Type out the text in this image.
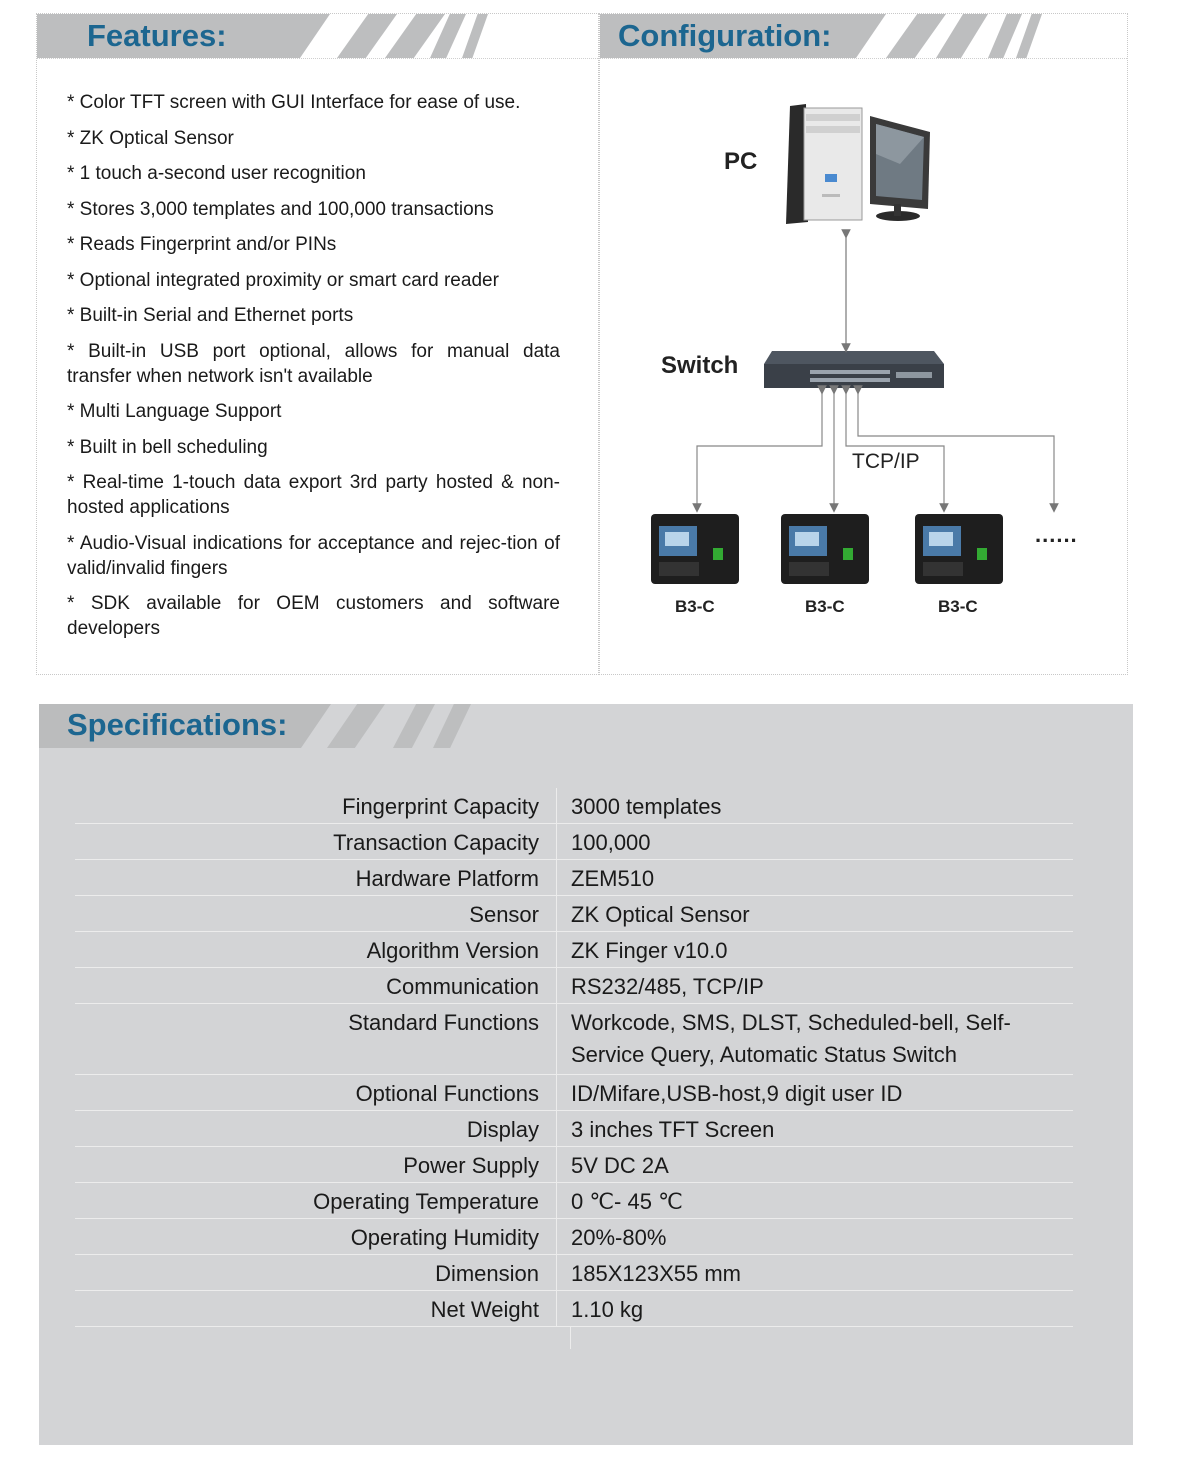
Features:
* Color TFT screen with GUI Interface for ease of use.
* ZK Optical Sensor
* 1 touch a-second user recognition
* Stores 3,000 templates and 100,000 transactions
* Reads Fingerprint and/or PINs
* Optional integrated proximity or smart card reader
* Built-in Serial and Ethernet ports
* Built-in USB port optional, allows for manual data transfer when network isn't available
* Multi Language Support
* Built in bell scheduling
* Real-time 1-touch data export 3rd party hosted & non-hosted applications
* Audio-Visual indications for acceptance and rejec-tion of valid/invalid fingers
* SDK available for OEM customers and software developers
Configuration:
PC
Switch
TCP/IP
B3-C	B3-C	B3-C
......
Specifications:
Fingerprint Capacity	3000 templates
Transaction Capacity	100,000
Hardware Platform	ZEM510
Sensor	ZK Optical Sensor
Algorithm Version	ZK Finger v10.0
Communication	RS232/485, TCP/IP
Standard Functions	Workcode, SMS, DLST, Scheduled-bell, Self-Service Query, Automatic Status Switch
Optional Functions	ID/Mifare,USB-host,9 digit user ID
Display	3 inches TFT Screen
Power Supply	5V DC 2A
Operating Temperature	0 ℃- 45 ℃
Operating Humidity	20%-80%
Dimension	185X123X55 mm
Net Weight	1.10 kg
